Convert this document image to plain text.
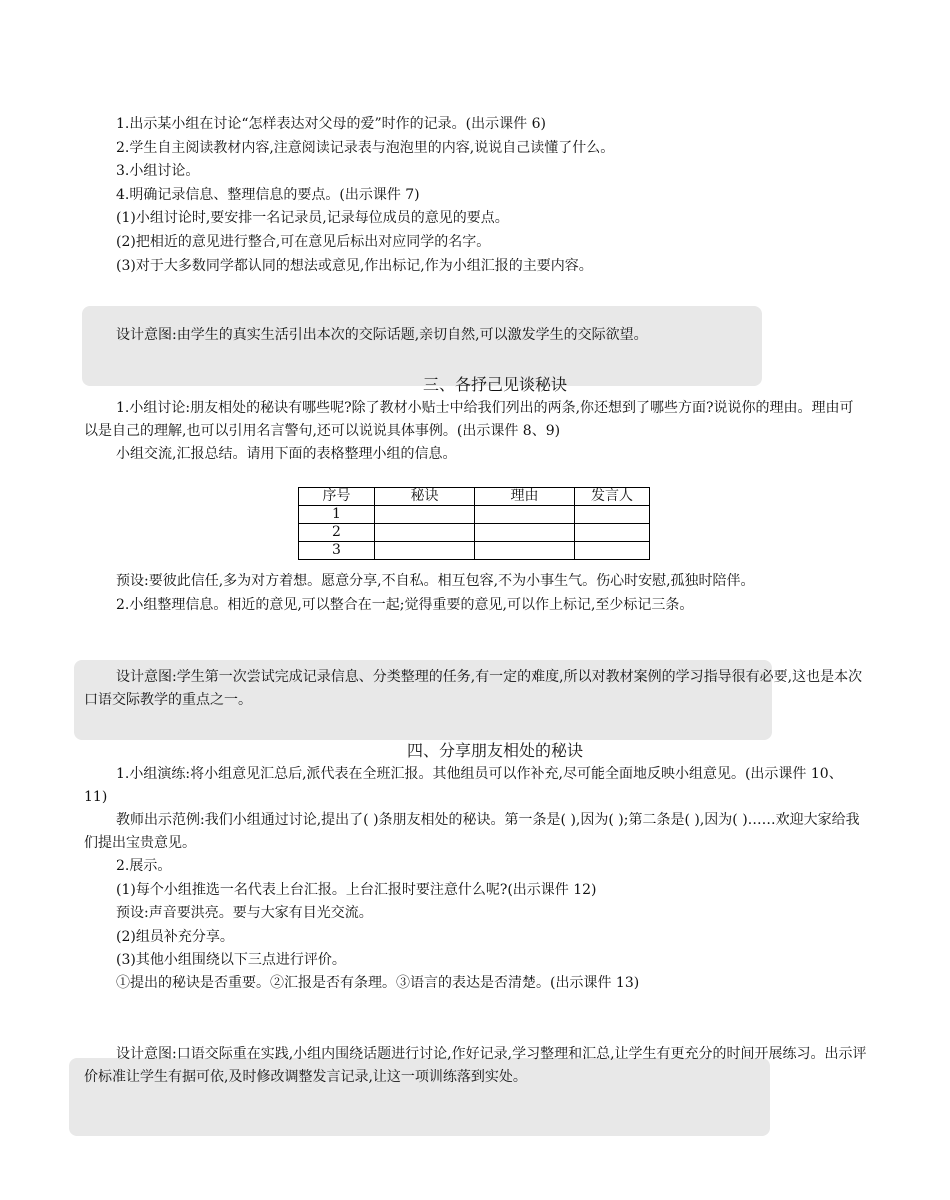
1.出示某小组在讨论“怎样表达对父母的爱”时作的记录。(出示课件 6)
2.学生自主阅读教材内容,注意阅读记录表与泡泡里的内容,说说自己读懂了什么。
3.小组讨论。
4.明确记录信息、整理信息的要点。(出示课件 7)
(1)小组讨论时,要安排一名记录员,记录每位成员的意见的要点。
(2)把相近的意见进行整合,可在意见后标出对应同学的名字。
(3)对于大多数同学都认同的想法或意见,作出标记,作为小组汇报的主要内容。
设计意图:由学生的真实生活引出本次的交际话题,亲切自然,可以激发学生的交际欲望。
三、各抒己见谈秘诀
1.小组讨论:朋友相处的秘诀有哪些呢?除了教材小贴士中给我们列出的两条,你还想到了哪些方面?说说你的理由。理由可以是自己的理解,也可以引用名言警句,还可以说说具体事例。(出示课件 8、9)
小组交流,汇报总结。请用下面的表格整理小组的信息。
序号	秘诀	理由	发言人
1			
2			
3			
预设:要彼此信任,多为对方着想。愿意分享,不自私。相互包容,不为小事生气。伤心时安慰,孤独时陪伴。
2.小组整理信息。相近的意见,可以整合在一起;觉得重要的意见,可以作上标记,至少标记三条。
设计意图:学生第一次尝试完成记录信息、分类整理的任务,有一定的难度,所以对教材案例的学习指导很有必要,这也是本次口语交际教学的重点之一。
四、分享朋友相处的秘诀
1.小组演练:将小组意见汇总后,派代表在全班汇报。其他组员可以作补充,尽可能全面地反映小组意见。(出示课件 10、11)
教师出示范例:我们小组通过讨论,提出了( )条朋友相处的秘诀。第一条是( ),因为( );第二条是( ),因为( )……欢迎大家给我们提出宝贵意见。
2.展示。
(1)每个小组推选一名代表上台汇报。上台汇报时要注意什么呢?(出示课件 12)
预设:声音要洪亮。要与大家有目光交流。
(2)组员补充分享。
(3)其他小组围绕以下三点进行评价。
①提出的秘诀是否重要。②汇报是否有条理。③语言的表达是否清楚。(出示课件 13)
设计意图:口语交际重在实践,小组内围绕话题进行讨论,作好记录,学习整理和汇总,让学生有更充分的时间开展练习。出示评价标准让学生有据可依,及时修改调整发言记录,让这一项训练落到实处。
